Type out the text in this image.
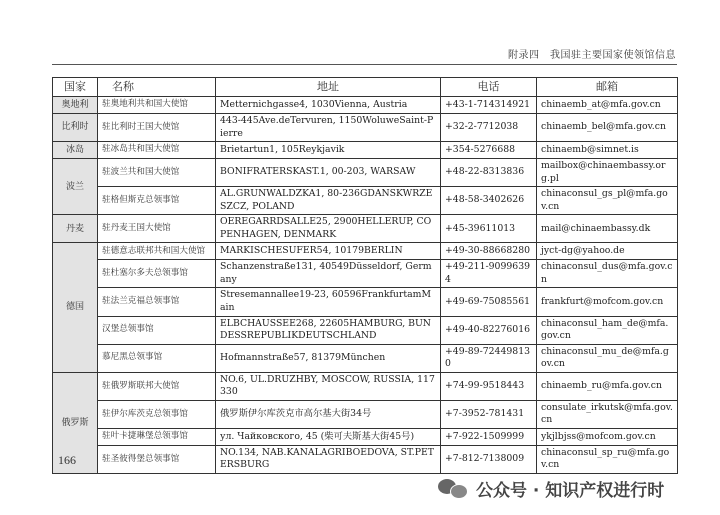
附录四　我国驻主要国家使领馆信息
国家	名称	地址	电话	邮箱
奥地利	驻奥地利共和国大使馆	Metternichgasse4, 1030Vienna, Austria	+43-1-714314921	chinaemb_at@mfa.gov.cn
比利时	驻比利时王国大使馆	443-445Ave.deTervuren, 1150WoluweSaint-Pierre	+32-2-7712038	chinaemb_bel@mfa.gov.cn
冰岛	驻冰岛共和国大使馆	Brietartun1, 105Reykjavik	+354-5276688	chinaemb@simnet.is
波兰	驻波兰共和国大使馆	BONIFRATERSKAST.1, 00-203, WARSAW	+48-22-8313836	mailbox@chinaembassy.org.pl
	驻格但斯克总领事馆	AL.GRUNWALDZKA1, 80-236GDANSKWRZESZCZ, POLAND	+48-58-3402626	chinaconsul_gs_pl@mfa.gov.cn
丹麦	驻丹麦王国大使馆	OEREGARRDSALLE25, 2900HELLERUP, COPENHAGEN, DENMARK	+45-39611013	mail@chinaembassy.dk
德国	驻德意志联邦共和国大使馆	MARKISCHESUFER54, 10179BERLIN	+49-30-88668280	jyct-dg@yahoo.de
	驻杜塞尔多夫总领事馆	Schanzenstraße131, 40549Düsseldorf, Germany	+49-211-90996394	chinaconsul_dus@mfa.gov.cn
	驻法兰克福总领事馆	Stresemannallee19-23, 60596FrankfurtamMain	+49-69-75085561	frankfurt@mofcom.gov.cn
	汉堡总领事馆	ELBCHAUSSEE268, 22605HAMBURG, BUNDESSREPUBLIKDEUTSCHLAND	+49-40-82276016	chinaconsul_ham_de@mfa.gov.cn
	慕尼黑总领事馆	Hofmannstraße57, 81379München	+49-89-724498130	chinaconsul_mu_de@mfa.gov.cn
俄罗斯	驻俄罗斯联邦大使馆	NO.6, UL.DRUZHBY, MOSCOW, RUSSIA, 117330	+74-99-9518443	chinaemb_ru@mfa.gov.cn
	驻伊尔库茨克总领事馆	俄罗斯伊尔库茨克市高尔基大街34号	+7-3952-781431	consulate_irkutsk@mfa.gov.cn
	驻叶卡捷琳堡总领事馆	ул. Чайковского, 45 (柴可夫斯基大街45号)	+7-922-1509999	ykjlbjss@mofcom.gov.cn
	驻圣彼得堡总领事馆	NO.134, NAB.KANALAGRIBOEDOVA, ST.PETERSBURG	+7-812-7138009	chinaconsul_sp_ru@mfa.gov.cn
166
公众号 · 知识产权进行时
